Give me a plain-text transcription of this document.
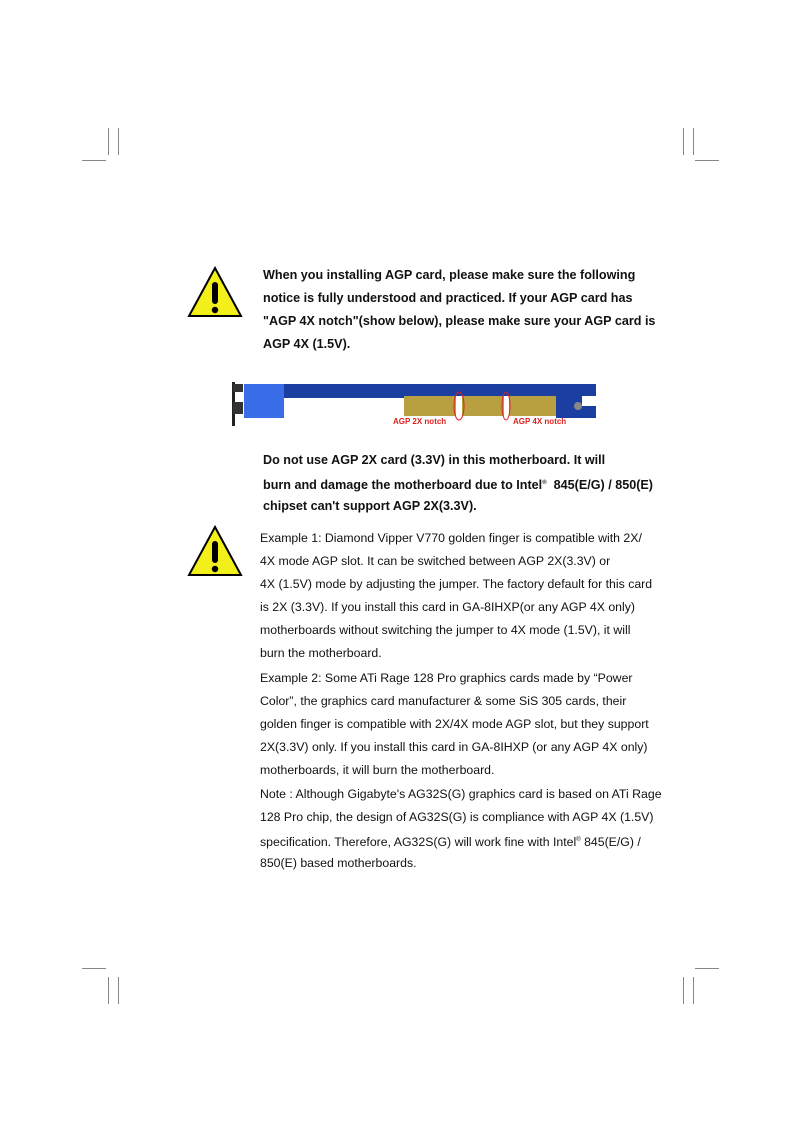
When you installing AGP card, please make sure the following
notice is fully understood and practiced. If your AGP card has
"AGP 4X notch"(show below), please make sure your AGP card is
AGP 4X (1.5V).
AGP 2X notch	AGP 4X notch
Do not use AGP 2X card (3.3V) in this motherboard. It will
burn and damage the motherboard due to Intel® 845(E/G) / 850(E)
chipset can't support AGP 2X(3.3V).
Example 1: Diamond Vipper V770 golden finger is compatible with 2X/
4X mode AGP slot. It can be switched between AGP 2X(3.3V) or
4X (1.5V) mode by adjusting the jumper. The factory default for this card
is 2X (3.3V). If you install this card in GA-8IHXP(or any AGP 4X only)
motherboards without switching the jumper to 4X mode (1.5V), it will
burn the motherboard.
Example 2: Some ATi Rage 128 Pro graphics cards made by “Power
Color”, the graphics card manufacturer & some SiS 305 cards, their
golden finger is compatible with 2X/4X mode AGP slot, but they support
2X(3.3V) only. If you install this card in GA-8IHXP (or any AGP 4X only)
motherboards, it will burn the motherboard.
Note : Although Gigabyte's AG32S(G) graphics card is based on ATi Rage
128 Pro chip, the design of AG32S(G) is compliance with AGP 4X (1.5V)
specification. Therefore, AG32S(G) will work fine with Intel® 845(E/G) /
850(E) based motherboards.
